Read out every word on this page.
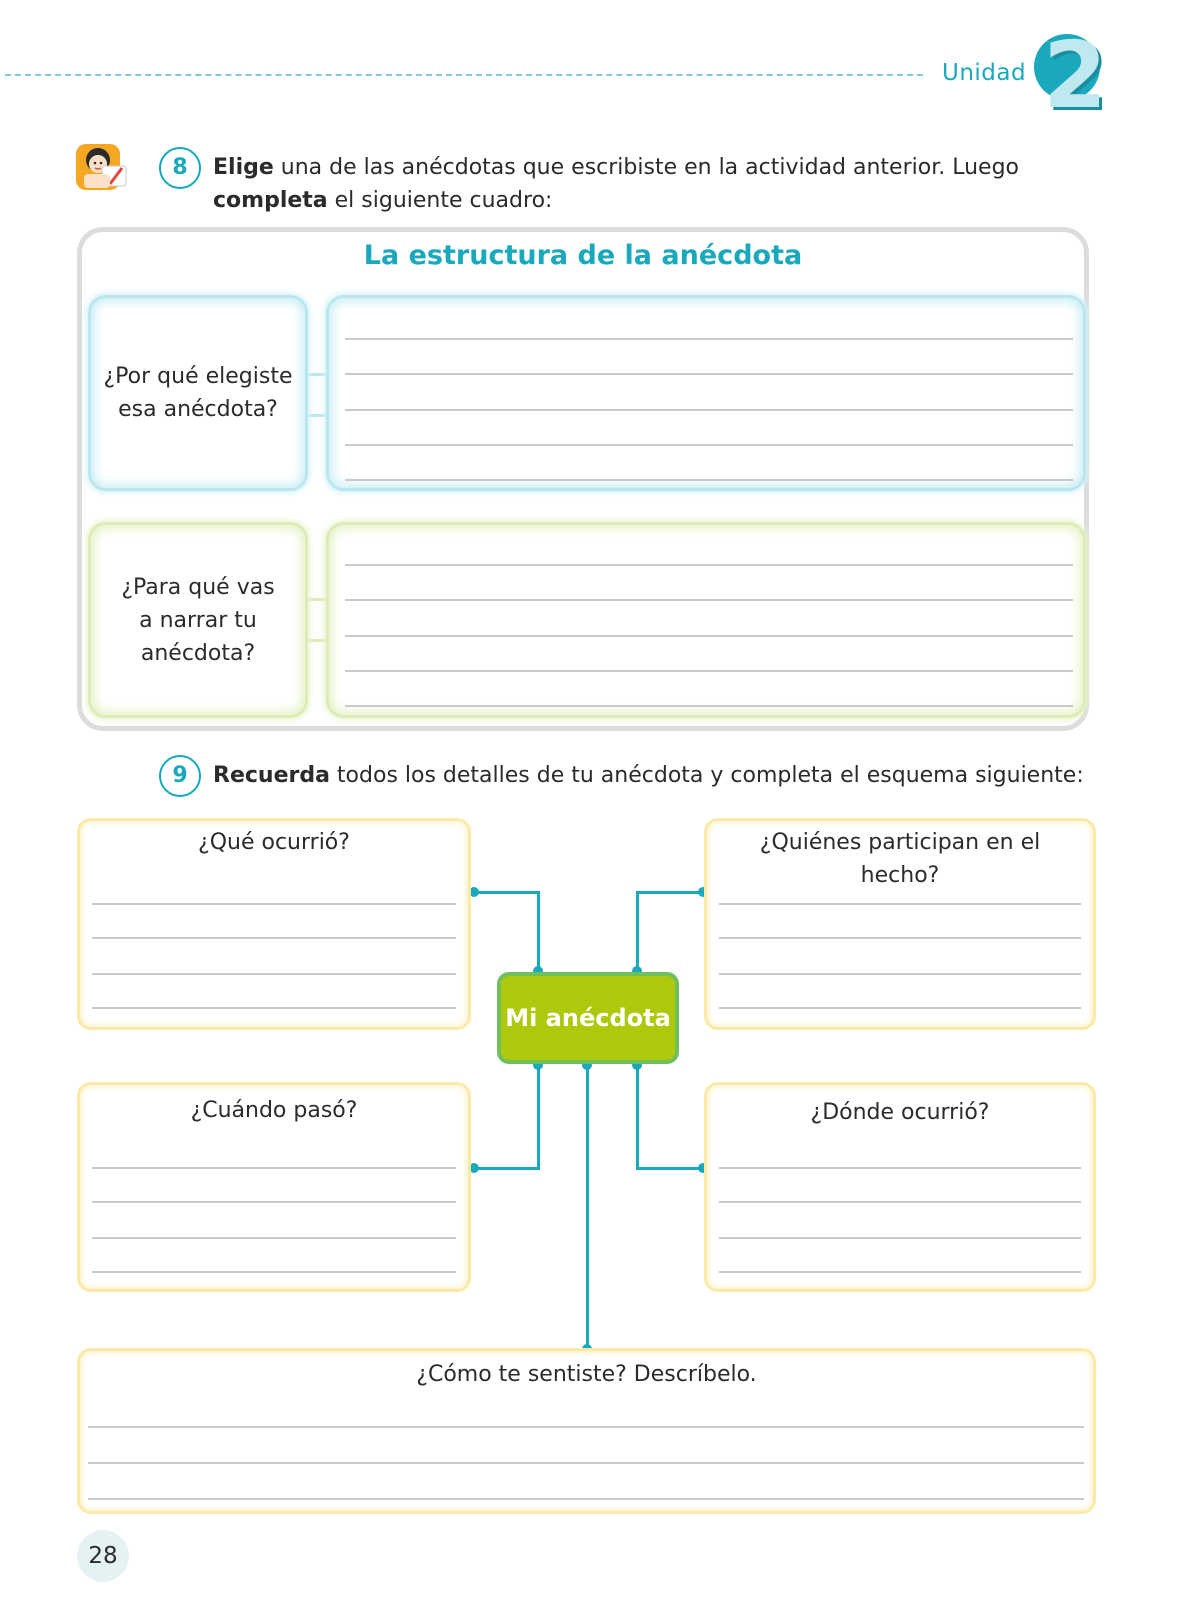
Unidad 2
8	Elige una de las anécdotas que escribiste en la actividad anterior. Luego completa el siguiente cuadro:
La estructura de la anécdota
¿Por qué elegiste esa anécdota?
¿Para qué vas a narrar tu anécdota?
9	Recuerda todos los detalles de tu anécdota y completa el esquema siguiente:
Mi anécdota
¿Qué ocurrió?	¿Quiénes participan en el hecho?
¿Cuándo pasó?	¿Dónde ocurrió?
¿Cómo te sentiste? Descríbelo.
28
